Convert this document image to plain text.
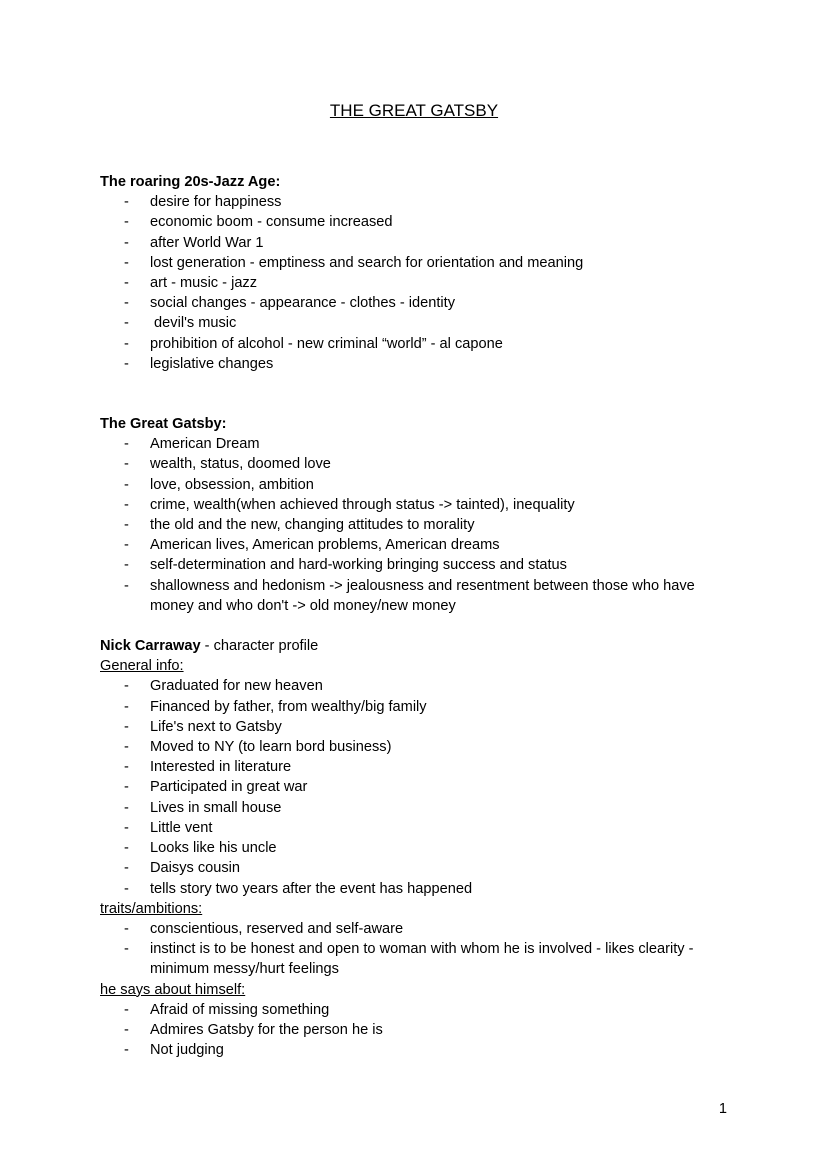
THE GREAT GATSBY
The roaring 20s-Jazz Age:
- desire for happiness
- economic boom - consume increased
- after World War 1
- lost generation - emptiness and search for orientation and meaning
- art - music - jazz
- social changes - appearance - clothes - identity
- devil's music
- prohibition of alcohol - new criminal “world” - al capone
- legislative changes
The Great Gatsby:
- American Dream
- wealth, status, doomed love
- love, obsession, ambition
- crime, wealth(when achieved through status -> tainted), inequality
- the old and the new, changing attitudes to morality
- American lives, American problems, American dreams
- self-determination and hard-working bringing success and status
- shallowness and hedonism -> jealousness and resentment between those who have money and who don't -> old money/new money
Nick Carraway - character profile
General info:
- Graduated for new heaven
- Financed by father, from wealthy/big family
- Life's next to Gatsby
- Moved to NY (to learn bord business)
- Interested in literature
- Participated in great war
- Lives in small house
- Little vent
- Looks like his uncle
- Daisys cousin
- tells story two years after the event has happened
traits/ambitions:
- conscientious, reserved and self-aware
- instinct is to be honest and open to woman with whom he is involved - likes clearity - minimum messy/hurt feelings
he says about himself:
- Afraid of missing something
- Admires Gatsby for the person he is
- Not judging
1
